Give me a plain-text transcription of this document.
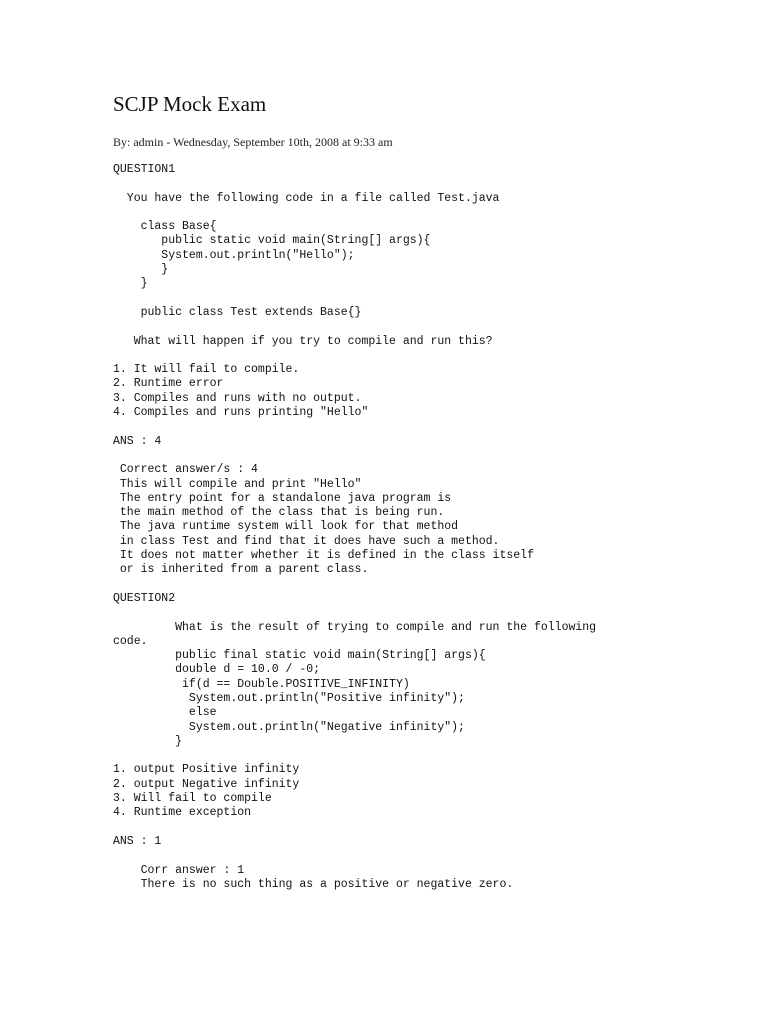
SCJP Mock Exam

By: admin - Wednesday, September 10th, 2008 at 9:33 am

QUESTION1

You have the following code in a file called Test.java

class Base{
public static void main(String[] args){
System.out.println("Hello");
}
}

public class Test extends Base{}

What will happen if you try to compile and run this?

1. It will fail to compile.
2. Runtime error
3. Compiles and runs with no output.
4. Compiles and runs printing "Hello"

ANS : 4

Correct answer/s : 4
This will compile and print "Hello"
The entry point for a standalone java program is
the main method of the class that is being run.
The java runtime system will look for that method
in class Test and find that it does have such a method.
It does not matter whether it is defined in the class itself
or is inherited from a parent class.

QUESTION2

What is the result of trying to compile and run the following
code.
public final static void main(String[] args){
double d = 10.0 / -0;
if(d == Double.POSITIVE_INFINITY)
System.out.println("Positive infinity");
else
System.out.println("Negative infinity");
}

1. output Positive infinity
2. output Negative infinity
3. Will fail to compile
4. Runtime exception

ANS : 1

Corr answer : 1
There is no such thing as a positive or negative zero.
